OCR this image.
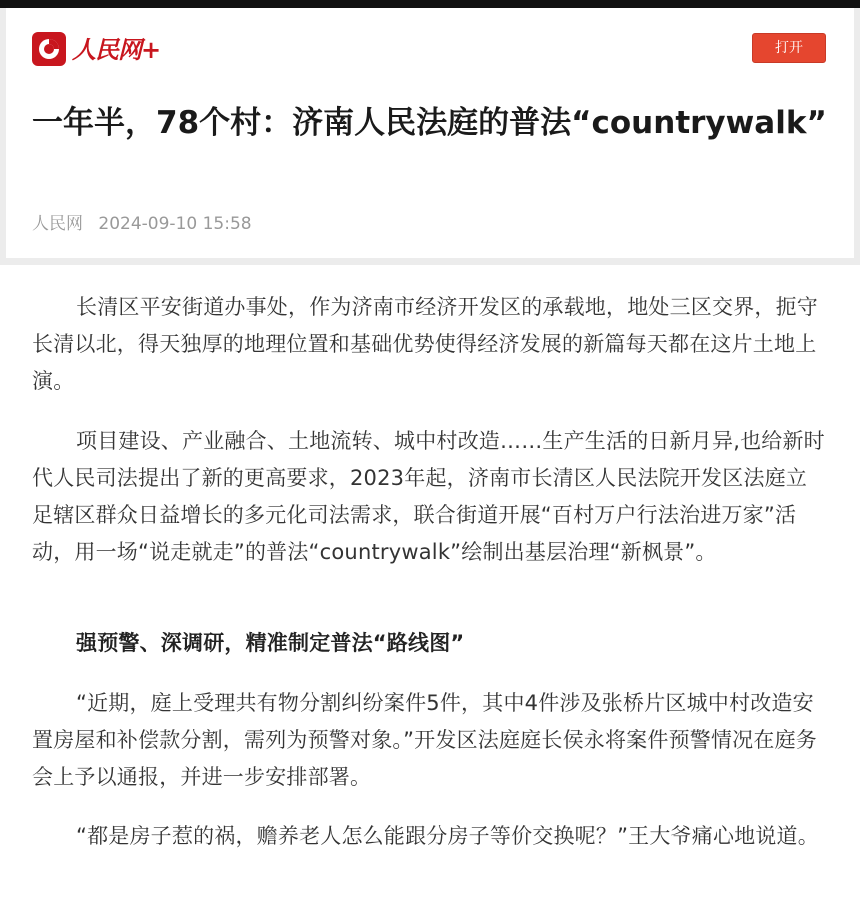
人民网+	打开
一年半，78个村：济南人民法庭的普法“countrywalk”
人民网 2024-09-10 15:58
长清区平安街道办事处，作为济南市经济开发区的承载地，地处三区交界，扼守长清以北，得天独厚的地理位置和基础优势使得经济发展的新篇每天都在这片土地上演。
项目建设、产业融合、土地流转、城中村改造……生产生活的日新月异,也给新时代人民司法提出了新的更高要求，2023年起，济南市长清区人民法院开发区法庭立足辖区群众日益增长的多元化司法需求，联合街道开展“百村万户行法治进万家”活动，用一场“说走就走”的普法“countrywalk”绘制出基层治理“新枫景”。
强预警、深调研，精准制定普法“路线图”
“近期，庭上受理共有物分割纠纷案件5件，其中4件涉及张桥片区城中村改造安置房屋和补偿款分割，需列为预警对象。”开发区法庭庭长侯永将案件预警情况在庭务会上予以通报，并进一步安排部署。
“都是房子惹的祸，赡养老人怎么能跟分房子等价交换呢？”王大爷痛心地说道。
